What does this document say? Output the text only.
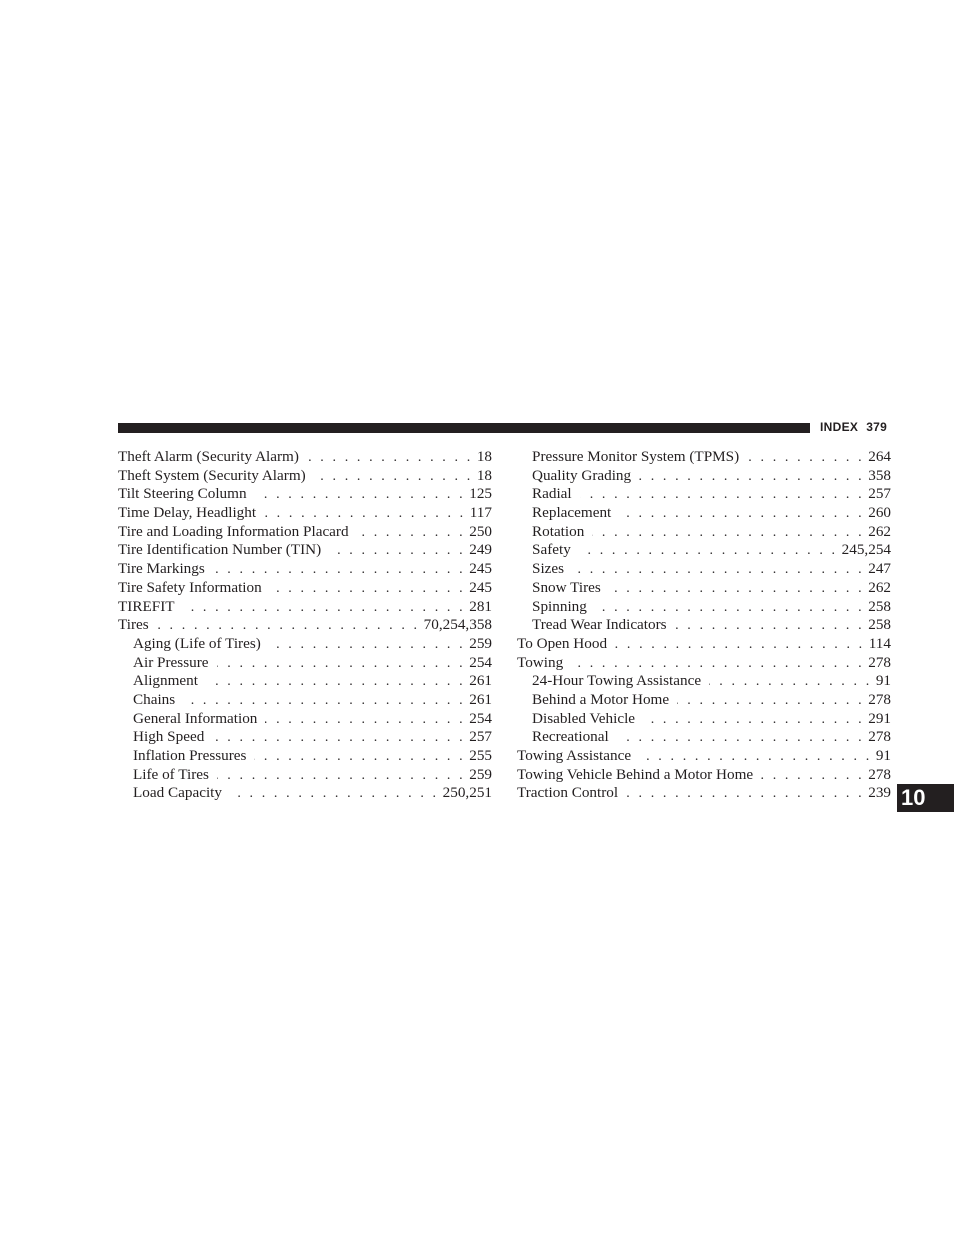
INDEX 379
Theft Alarm (Security Alarm) . . .	18
Theft System (Security Alarm) . . .	18
Tilt Steering Column . . .	125
Time Delay, Headlight . . .	117
Tire and Loading Information Placard . . .	250
Tire Identification Number (TIN) . . .	249
Tire Markings . . .	245
Tire Safety Information . . .	245
TIREFIT . . .	281
Tires . . .	70,254,358
Aging (Life of Tires) . . .	259
Air Pressure . . .	254
Alignment . . .	261
Chains . . .	261
General Information . . .	254
High Speed . . .	257
Inflation Pressures . . .	255
Life of Tires . . .	259
Load Capacity . . .	250,251
Pressure Monitor System (TPMS) . . .	264
Quality Grading . . .	358
Radial . . .	257
Replacement . . .	260
Rotation . . .	262
Safety . . .	245,254
Sizes . . .	247
Snow Tires . . .	262
Spinning . . .	258
Tread Wear Indicators . . .	258
To Open Hood . . .	114
Towing . . .	278
24-Hour Towing Assistance . . .	91
Behind a Motor Home . . .	278
Disabled Vehicle . . .	291
Recreational . . .	278
Towing Assistance . . .	91
Towing Vehicle Behind a Motor Home . . .	278
Traction Control . . .	239 10
